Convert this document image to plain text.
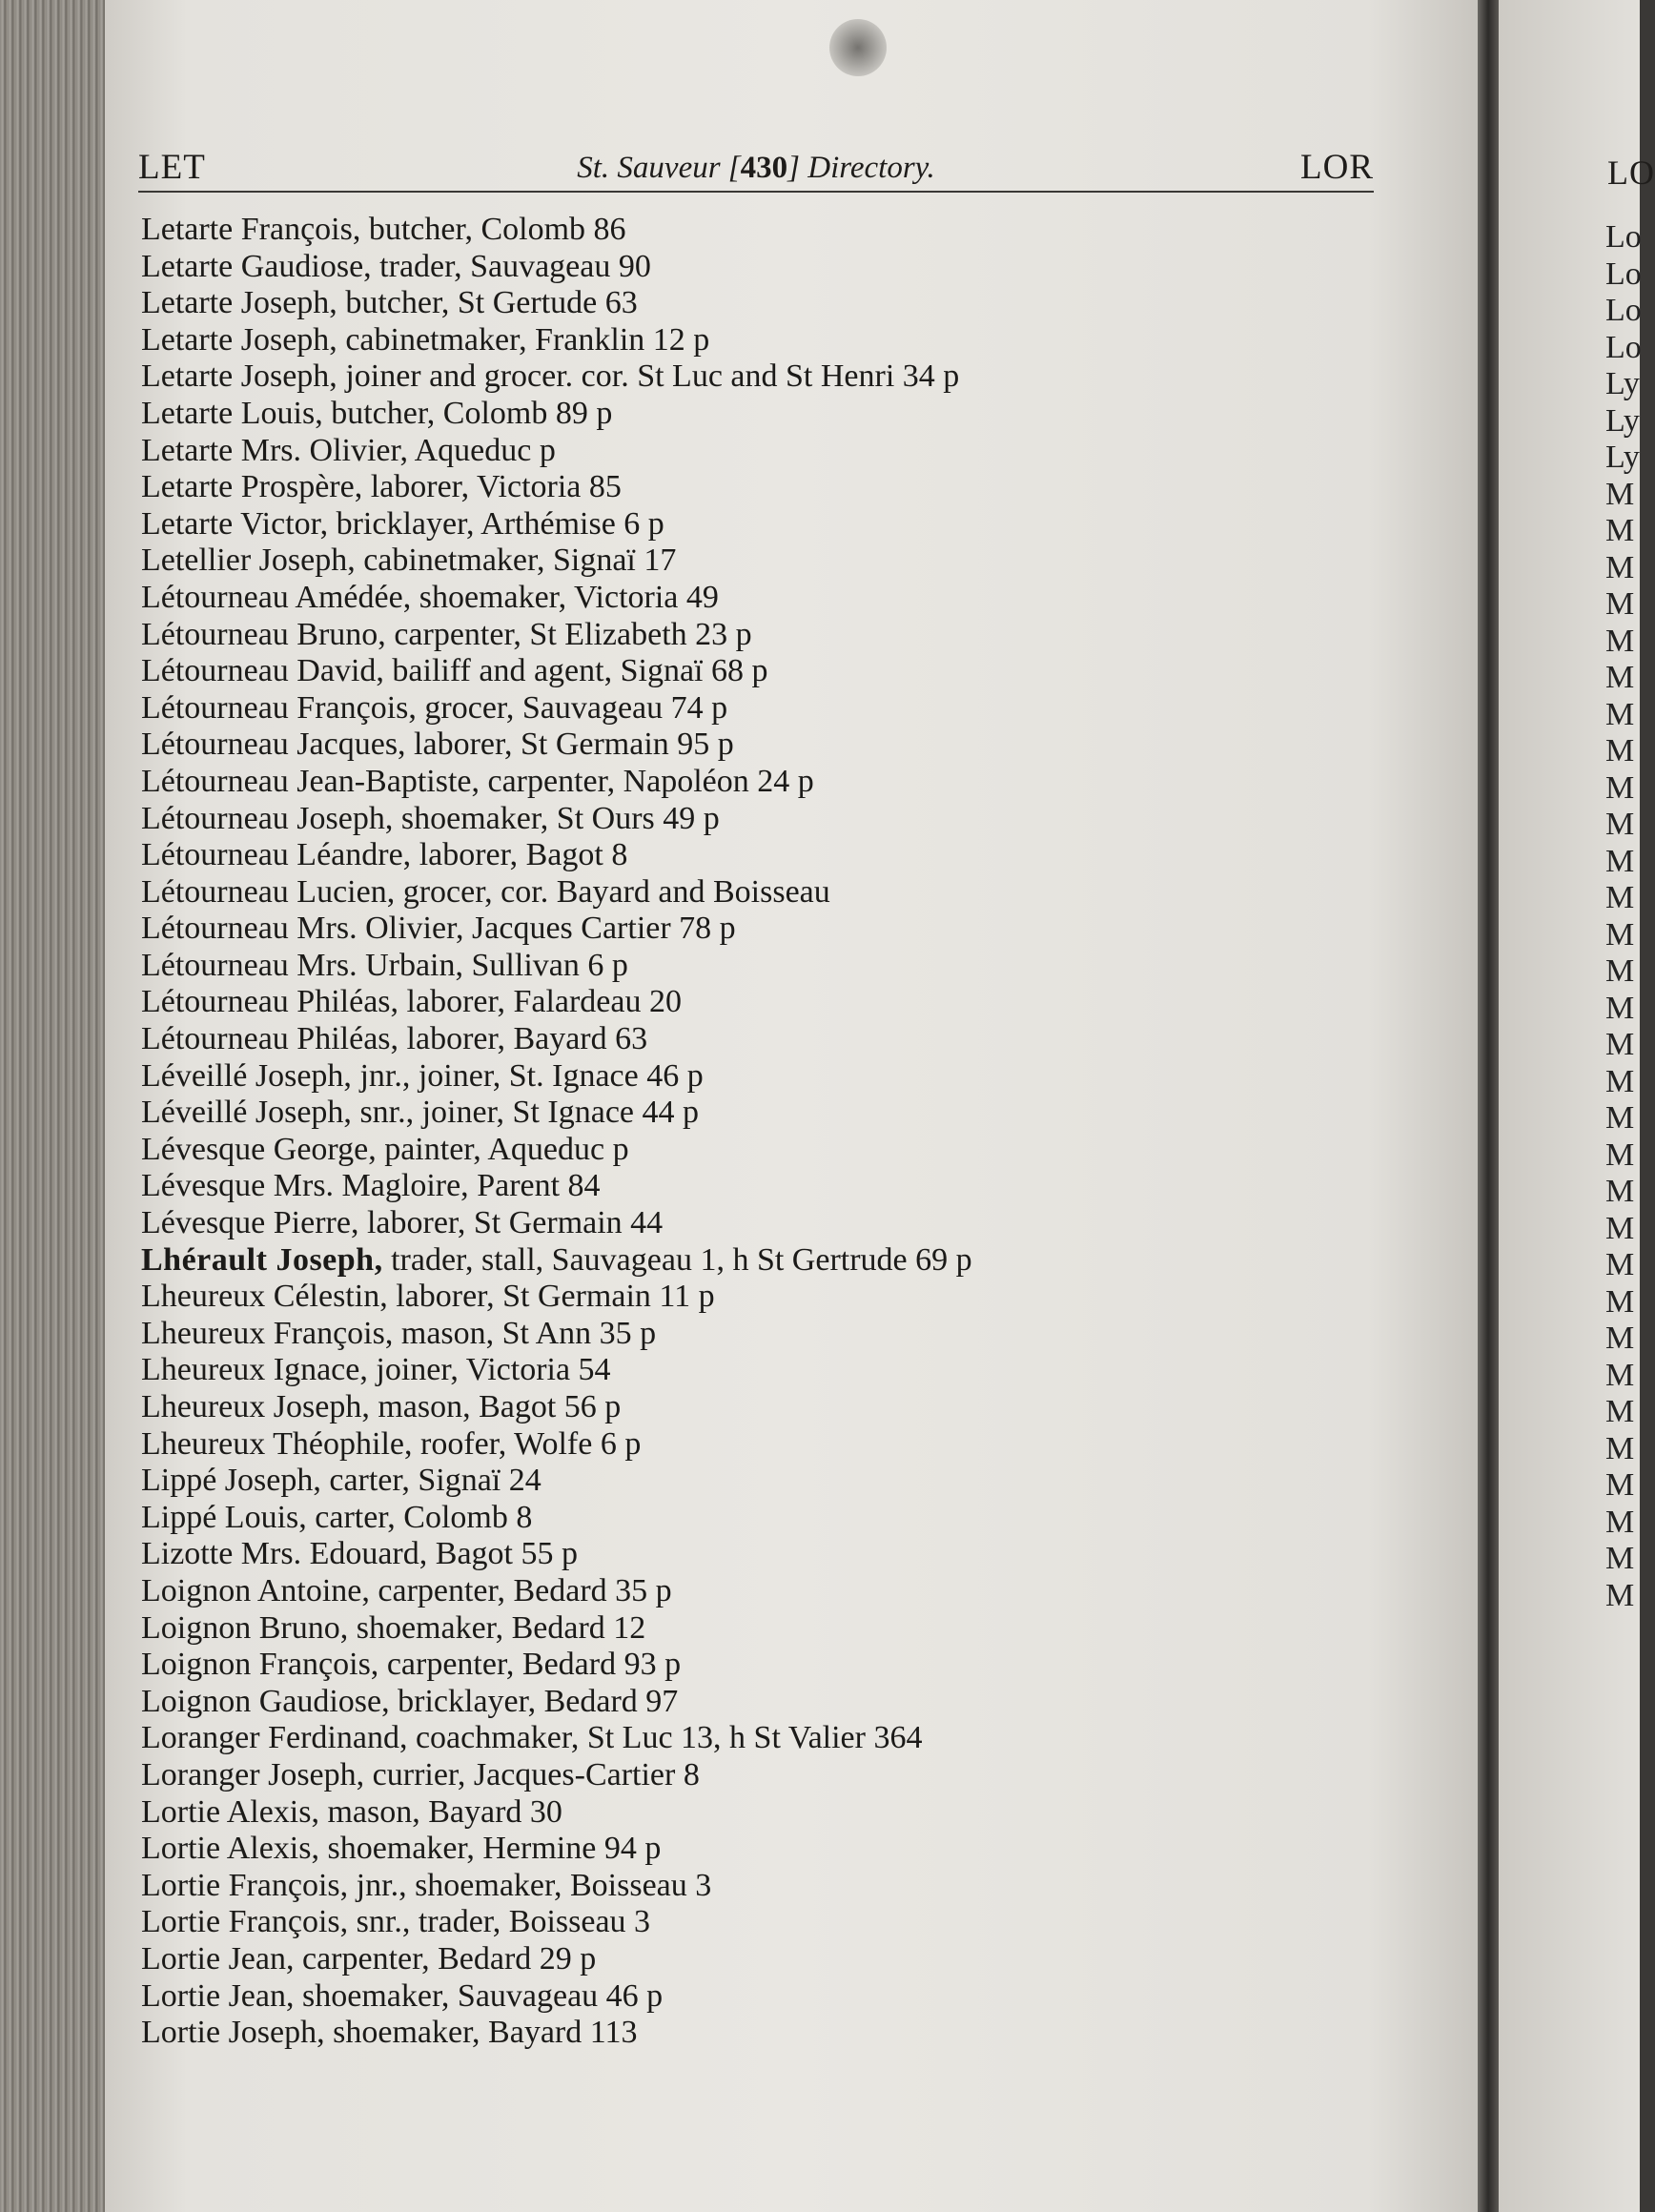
LO
Lo
Lo
Lo
Lo
Ly
Ly
Ly
M
M
M
M
M
M
M
M
M
M
M
M
M
M
M
M
M
M
M
M
M
M
M
M
M
M
M
M
M
M
M
LET	St. Sauveur [430] Directory.	LOR
Letarte François, butcher, Colomb 86
Letarte Gaudiose, trader, Sauvageau 90
Letarte Joseph, butcher, St Gertude 63
Letarte Joseph, cabinetmaker, Franklin 12 p
Letarte Joseph, joiner and grocer. cor. St Luc and St Henri 34 p
Letarte Louis, butcher, Colomb 89 p
Letarte Mrs. Olivier, Aqueduc p
Letarte Prospère, laborer, Victoria 85
Letarte Victor, bricklayer, Arthémise 6 p
Letellier Joseph, cabinetmaker, Signaï 17
Létourneau Amédée, shoemaker, Victoria 49
Létourneau Bruno, carpenter, St Elizabeth 23 p
Létourneau David, bailiff and agent, Signaï 68 p
Létourneau François, grocer, Sauvageau 74 p
Létourneau Jacques, laborer, St Germain 95 p
Létourneau Jean-Baptiste, carpenter, Napoléon 24 p
Létourneau Joseph, shoemaker, St Ours 49 p
Létourneau Léandre, laborer, Bagot 8
Létourneau Lucien, grocer, cor. Bayard and Boisseau
Létourneau Mrs. Olivier, Jacques Cartier 78 p
Létourneau Mrs. Urbain, Sullivan 6 p
Létourneau Philéas, laborer, Falardeau 20
Létourneau Philéas, laborer, Bayard 63
Léveillé Joseph, jnr., joiner, St. Ignace 46 p
Léveillé Joseph, snr., joiner, St Ignace 44 p
Lévesque George, painter, Aqueduc p
Lévesque Mrs. Magloire, Parent 84
Lévesque Pierre, laborer, St Germain 44
Lhérault Joseph, trader, stall, Sauvageau 1, h St Gertrude 69 p
Lheureux Célestin, laborer, St Germain 11 p
Lheureux François, mason, St Ann 35 p
Lheureux Ignace, joiner, Victoria 54
Lheureux Joseph, mason, Bagot 56 p
Lheureux Théophile, roofer, Wolfe 6 p
Lippé Joseph, carter, Signaï 24
Lippé Louis, carter, Colomb 8
Lizotte Mrs. Edouard, Bagot 55 p
Loignon Antoine, carpenter, Bedard 35 p
Loignon Bruno, shoemaker, Bedard 12
Loignon François, carpenter, Bedard 93 p
Loignon Gaudiose, bricklayer, Bedard 97
Loranger Ferdinand, coachmaker, St Luc 13, h St Valier 364
Loranger Joseph, currier, Jacques-Cartier 8
Lortie Alexis, mason, Bayard 30
Lortie Alexis, shoemaker, Hermine 94 p
Lortie François, jnr., shoemaker, Boisseau 3
Lortie François, snr., trader, Boisseau 3
Lortie Jean, carpenter, Bedard 29 p
Lortie Jean, shoemaker, Sauvageau 46 p
Lortie Joseph, shoemaker, Bayard 113
